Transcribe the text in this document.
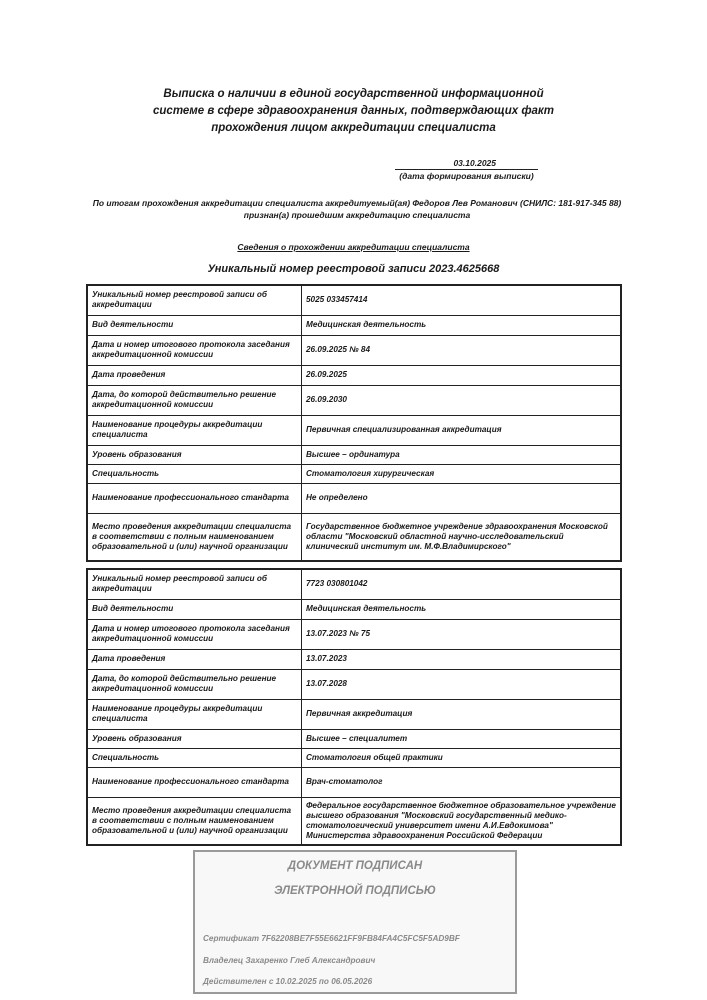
Выписка о наличии в единой государственной информационной
системе в сфере здравоохранения данных, подтверждающих факт
прохождения лицом аккредитации специалиста
03.10.2025
(дата формирования выписки)
По итогам прохождения аккредитации специалиста аккредитуемый(ая) Федоров Лев Романович (СНИЛС: 181-917-345 88) признан(а) прошедшим аккредитацию специалиста
Сведения о прохождении аккредитации специалиста
Уникальный номер реестровой записи 2023.4625668
Уникальный номер реестровой записи об аккредитации	5025 033457414
Вид деятельности	Медицинская деятельность
Дата и номер итогового протокола заседания аккредитационной комиссии	26.09.2025 № 84
Дата проведения	26.09.2025
Дата, до которой действительно решение аккредитационной комиссии	26.09.2030
Наименование процедуры аккредитации специалиста	Первичная специализированная аккредитация
Уровень образования	Высшее – ординатура
Специальность	Стоматология хирургическая
Наименование профессионального стандарта	Не определено
Место проведения аккредитации специалиста в соответствии с полным наименованием образовательной и (или) научной организации	Государственное бюджетное учреждение здравоохранения Московской области "Московский областной научно-исследовательский клинический институт им. М.Ф.Владимирского"
Уникальный номер реестровой записи об аккредитации	7723 030801042
Вид деятельности	Медицинская деятельность
Дата и номер итогового протокола заседания аккредитационной комиссии	13.07.2023 № 75
Дата проведения	13.07.2023
Дата, до которой действительно решение аккредитационной комиссии	13.07.2028
Наименование процедуры аккредитации специалиста	Первичная аккредитация
Уровень образования	Высшее – специалитет
Специальность	Стоматология общей практики
Наименование профессионального стандарта	Врач-стоматолог
Место проведения аккредитации специалиста в соответствии с полным наименованием образовательной и (или) научной организации	Федеральное государственное бюджетное образовательное учреждение высшего образования "Московский государственный медико-стоматологический университет имени А.И.Евдокимова" Министерства здравоохранения Российской Федерации
ДОКУМЕНТ ПОДПИСАН
ЭЛЕКТРОННОЙ ПОДПИСЬЮ
Сертификат 7F62208BE7F55E6621FF9FB84FA4C5FC5F5AD9BF
Владелец Захаренко Глеб Александрович
Действителен с 10.02.2025 по 06.05.2026
